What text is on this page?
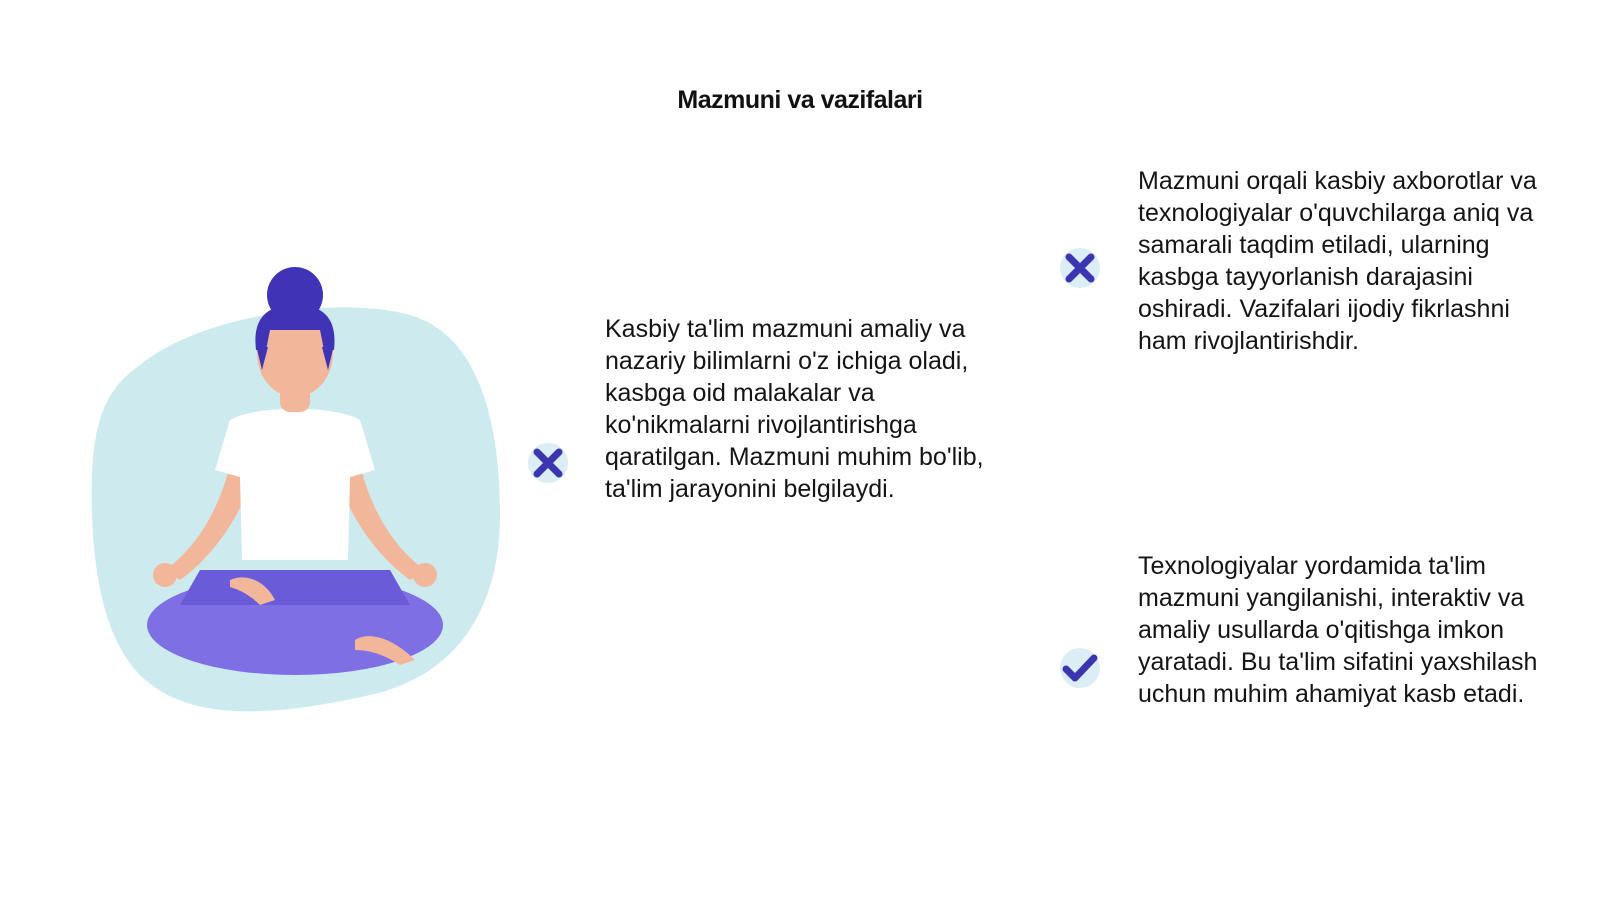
Mazmuni va vazifalari
Kasbiy ta'lim mazmuni amaliy va nazariy bilimlarni o'z ichiga oladi, kasbga oid malakalar va ko'nikmalarni rivojlantirishga qaratilgan. Mazmuni muhim bo'lib, ta'lim jarayonini belgilaydi.
Mazmuni orqali kasbiy axborotlar va texnologiyalar o'quvchilarga aniq va samarali taqdim etiladi, ularning kasbga tayyorlanish darajasini oshiradi. Vazifalari ijodiy fikrlashni ham rivojlantirishdir.
Texnologiyalar yordamida ta'lim mazmuni yangilanishi, interaktiv va amaliy usullarda o'qitishga imkon yaratadi. Bu ta'lim sifatini yaxshilash uchun muhim ahamiyat kasb etadi.
